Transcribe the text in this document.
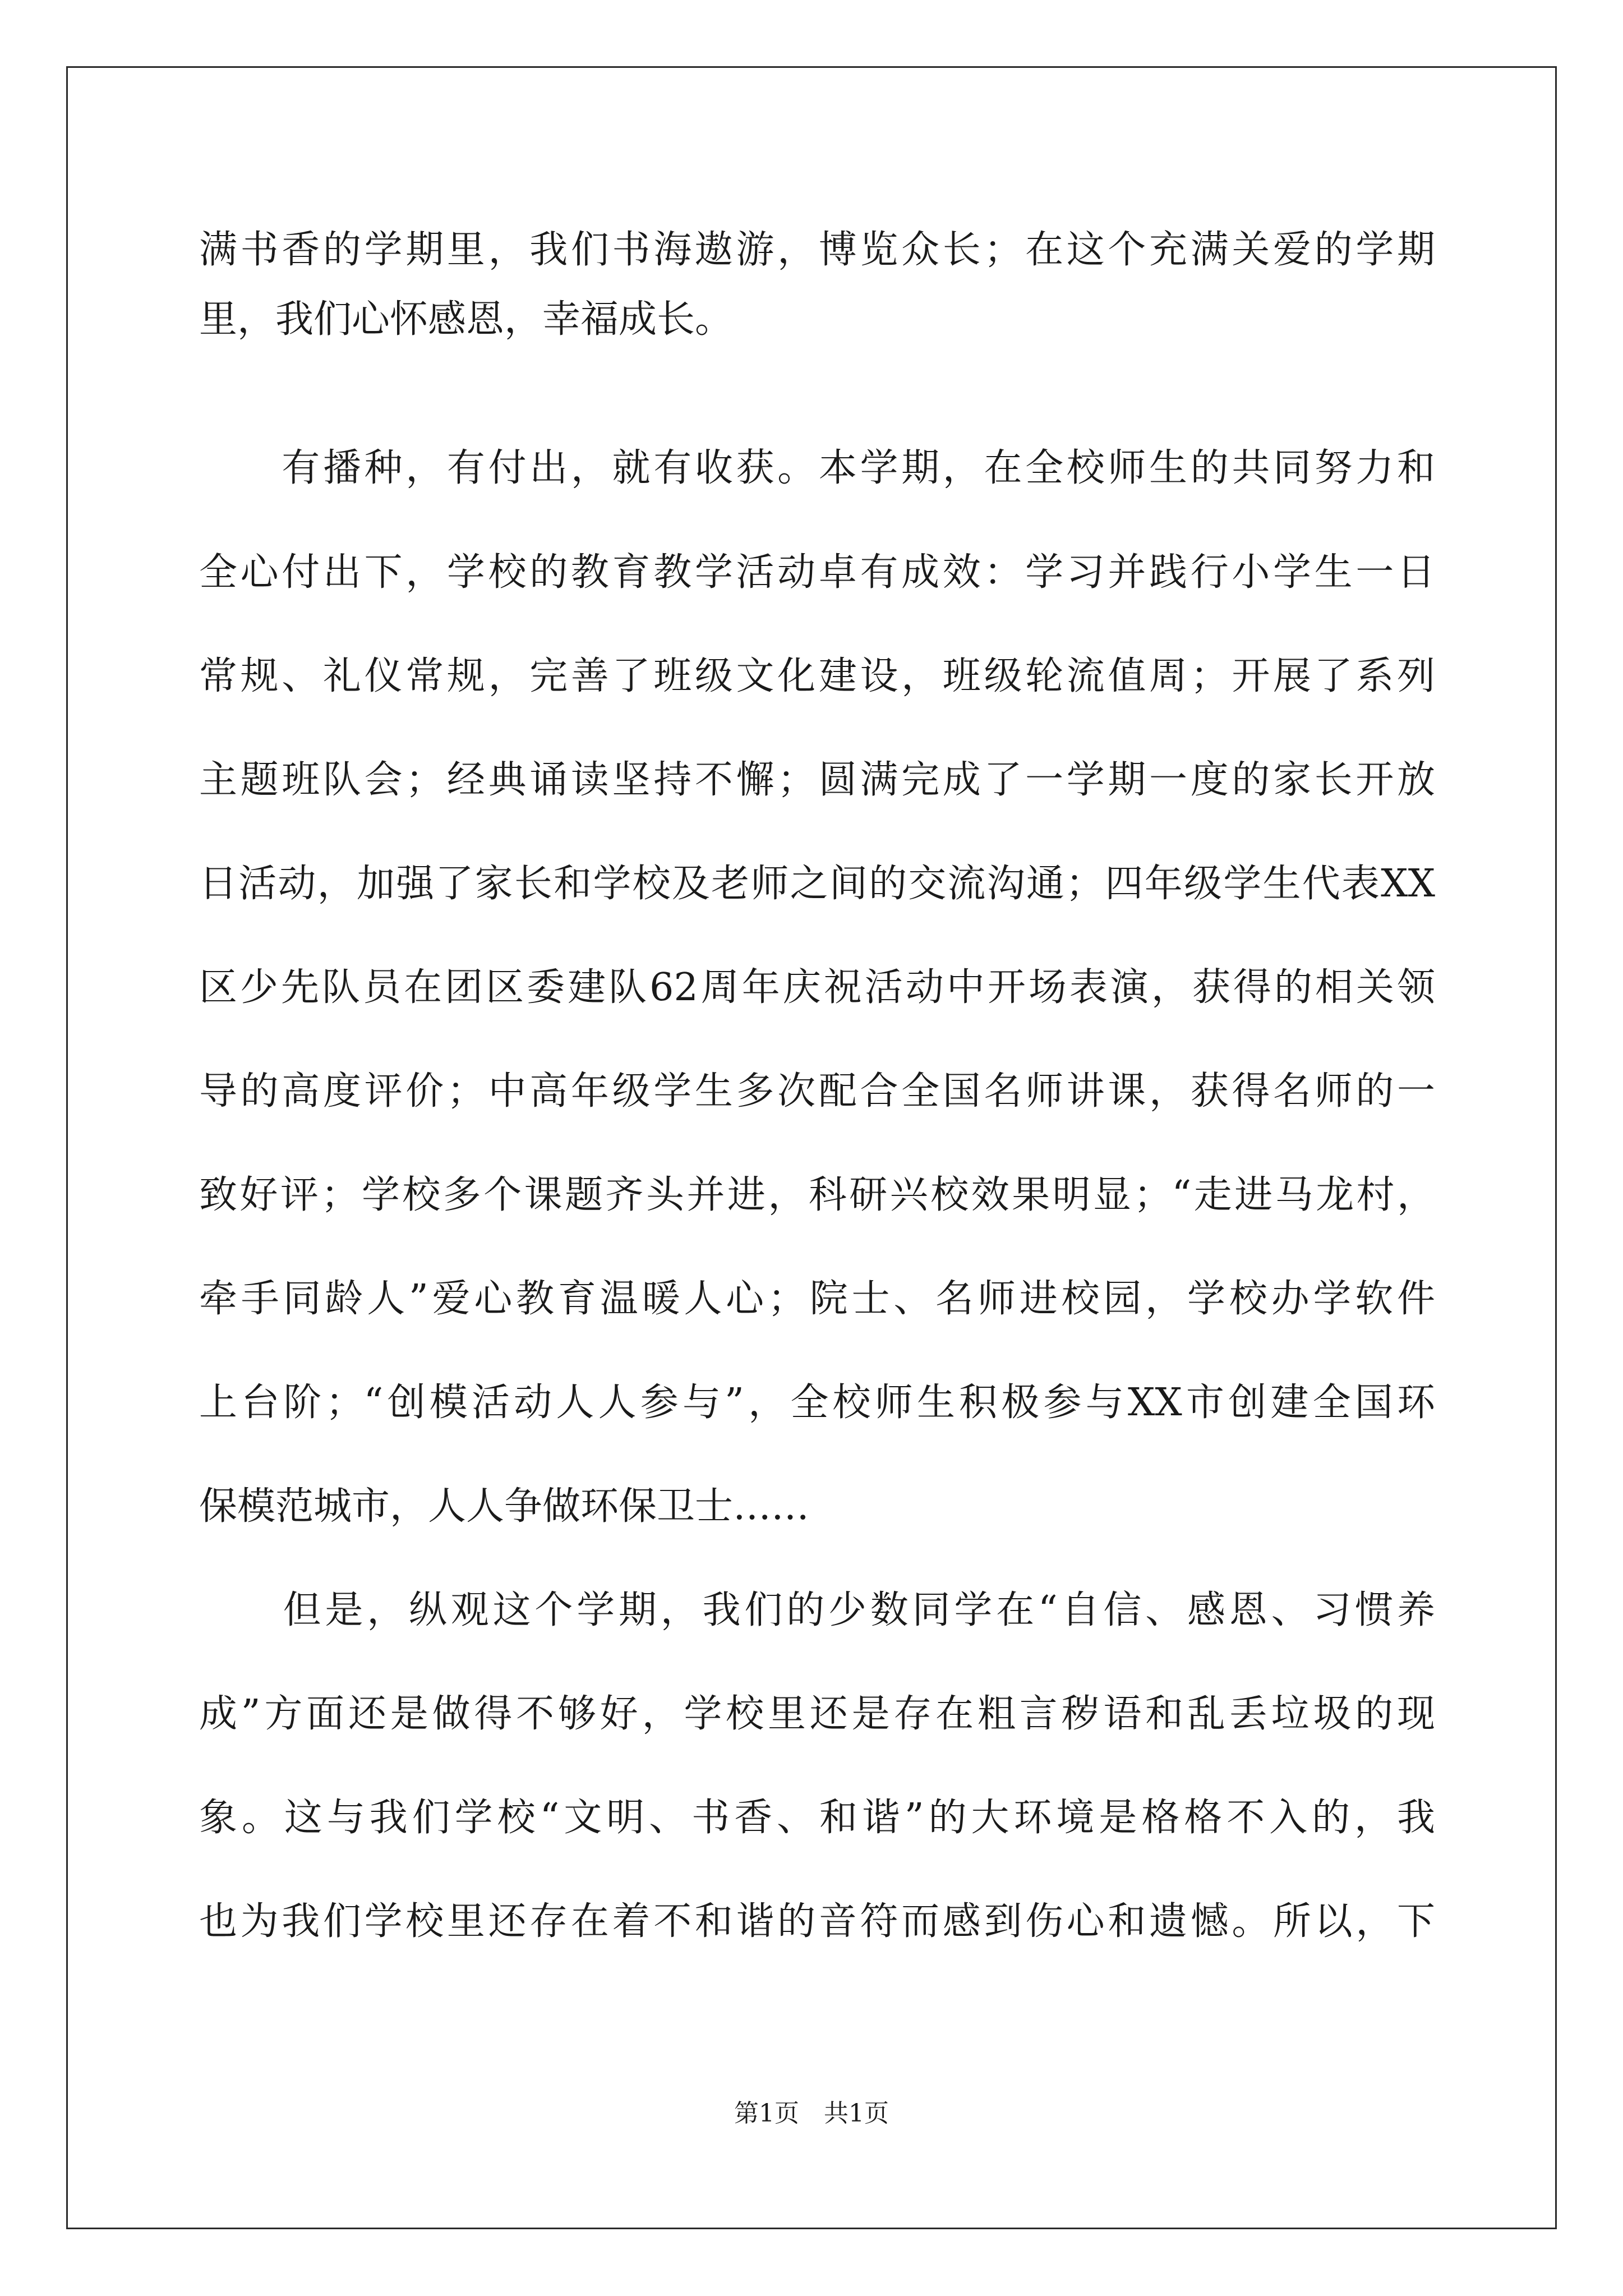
满书香的学期里，我们书海遨游，博览众长；在这个充满关爱的学期
里，我们心怀感恩，幸福成长。
　　有播种，有付出，就有收获。本学期，在全校师生的共同努力和
全心付出下，学校的教育教学活动卓有成效：学习并践行小学生一日
常规、礼仪常规，完善了班级文化建设，班级轮流值周；开展了系列
主题班队会；经典诵读坚持不懈；圆满完成了一学期一度的家长开放
日活动，加强了家长和学校及老师之间的交流沟通；四年级学生代表XX
区少先队员在团区委建队62周年庆祝活动中开场表演，获得的相关领
导的高度评价；中高年级学生多次配合全国名师讲课，获得名师的一
致好评；学校多个课题齐头并进，科研兴校效果明显；“走进马龙村，
牵手同龄人”爱心教育温暖人心；院士、名师进校园，学校办学软件
上台阶；“创模活动人人参与”，全校师生积极参与XX市创建全国环
保模范城市，人人争做环保卫士……
　　但是，纵观这个学期，我们的少数同学在“自信、感恩、习惯养
成”方面还是做得不够好，学校里还是存在粗言秽语和乱丢垃圾的现
象。这与我们学校“文明、书香、和谐”的大环境是格格不入的，我
也为我们学校里还存在着不和谐的音符而感到伤心和遗憾。所以，下
第1页　共1页
